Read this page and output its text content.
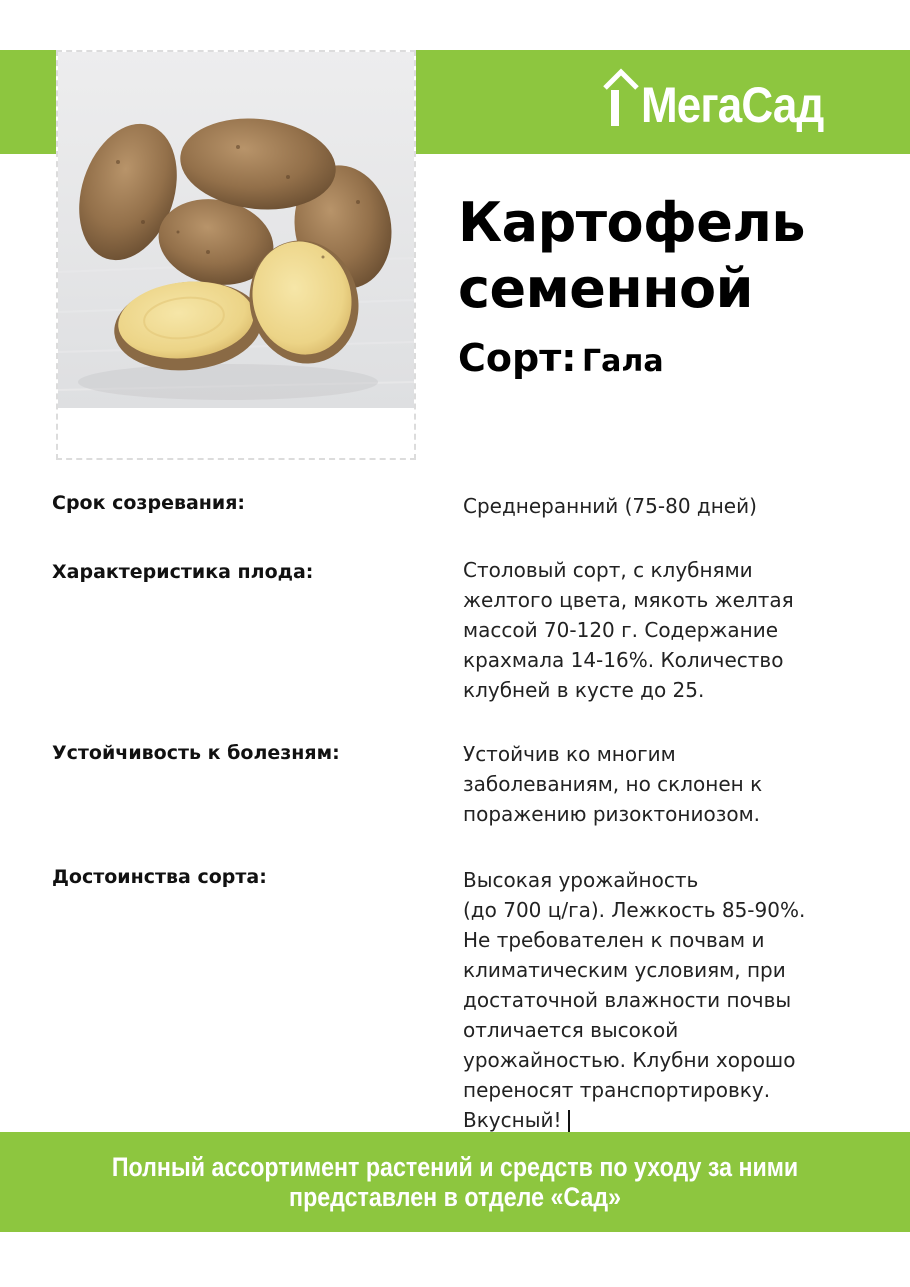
МегаСад
Картофель
семенной
Сорт: Гала
Срок созревания:	Среднеранний (75-80 дней)
Характеристика плода:	Столовый сорт, с клубнями
желтого цвета, мякоть желтая
массой 70-120 г. Содержание
крахмала 14-16%. Количество
клубней в кусте до 25.
Устойчивость к болезням:	Устойчив ко многим
заболеваниям, но склонен к
поражению ризоктониозом.
Достоинства сорта:	Высокая урожайность
(до 700 ц/га). Лежкость 85-90%.
Не требователен к почвам и
климатическим условиям, при
достаточной влажности почвы
отличается высокой
урожайностью. Клубни хорошо
переносят транспортировку.
Вкусный!
Полный ассортимент растений и средств по уходу за ними
представлен в отделе «Сад»
